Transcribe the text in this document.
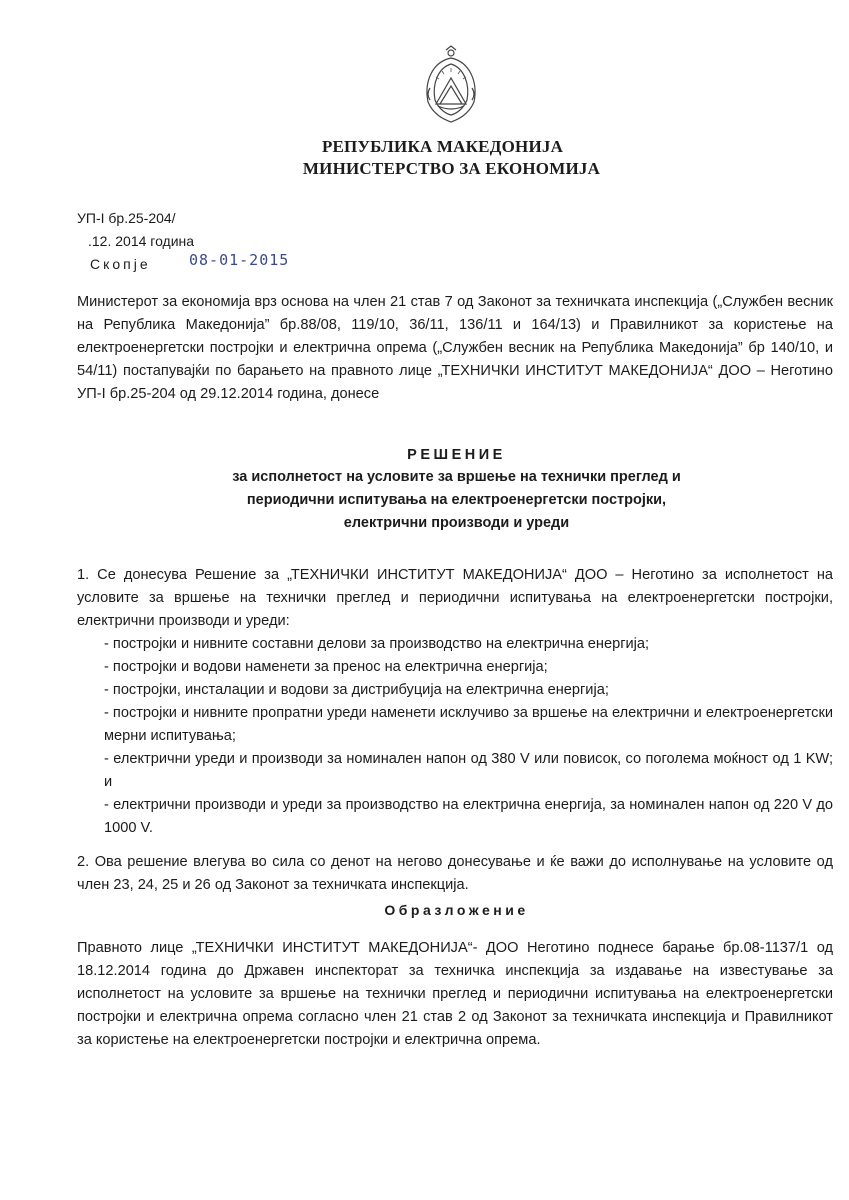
РЕПУБЛИКА МАКЕДОНИЈА
МИНИСТЕРСТВО ЗА ЕКОНОМИЈА
УП-І бр.25-204/
.12. 2014 година
Скопје	08-01-2015
Министерот за економија врз основа на член 21 став 7 од Законот за техничката инспекција („Службен весник на Република Македонија” бр.88/08, 119/10, 36/11, 136/11 и 164/13) и Правилникот за користење на електроенергетски постројки и електрична опрема („Службен весник на Република Македонија” бр 140/10, и 54/11) постапувајќи по барањето на правното лице „ТЕХНИЧКИ ИНСТИТУТ МАКЕДОНИЈА“ ДОО – Неготино УП-І бр.25-204 од 29.12.2014 година, донесе
РЕШЕНИЕ
за исполнетост на условите за вршење на технички преглед и
периодични испитувања на електроенергетски постројки,
електрични производи и уреди

1. Се донесува Решение за „ТЕХНИЧКИ ИНСТИТУТ МАКЕДОНИЈА“ ДОО – Неготино за исполнетост на условите за вршење на технички преглед и периодични испитувања на електроенергетски постројки, електрични производи и уреди:

- постројки и нивните составни делови за производство на електрична енергија;

- постројки и водови наменети за пренос на електрична енергија;

- постројки, инсталации и водови за дистрибуција на електрична енергија;

- постројки и нивните пропратни уреди наменети исклучиво за вршење на електрични и електроенергетски мерни испитувања;

- електрични уреди и производи за номинален напон од 380 V или повисок, со поголема моќност од 1 KW; и

- електрични производи и уреди за производство на електрична енергија, за номинален напон од 220 V до 1000 V.

2. Ова решение влегува во сила со денот на негово донесување и ќе важи до исполнување на условите од член 23, 24, 25 и 26 од Законот за техничката инспекција.

Образложение
Правното лице „ТЕХНИЧКИ ИНСТИТУТ МАКЕДОНИЈА“- ДОО Неготино поднесе барање бр.08-1137/1 од 18.12.2014 година до Државен инспекторат за техничка инспекција за издавање на известување за исполнетост на условите за вршење на технички преглед и периодични испитувања на електроенергетски постројки и електрична опрема согласно член 21 став 2 од Законот за техничката инспекција и Правилникот за користење на електроенергетски постројки и електрична опрема.
